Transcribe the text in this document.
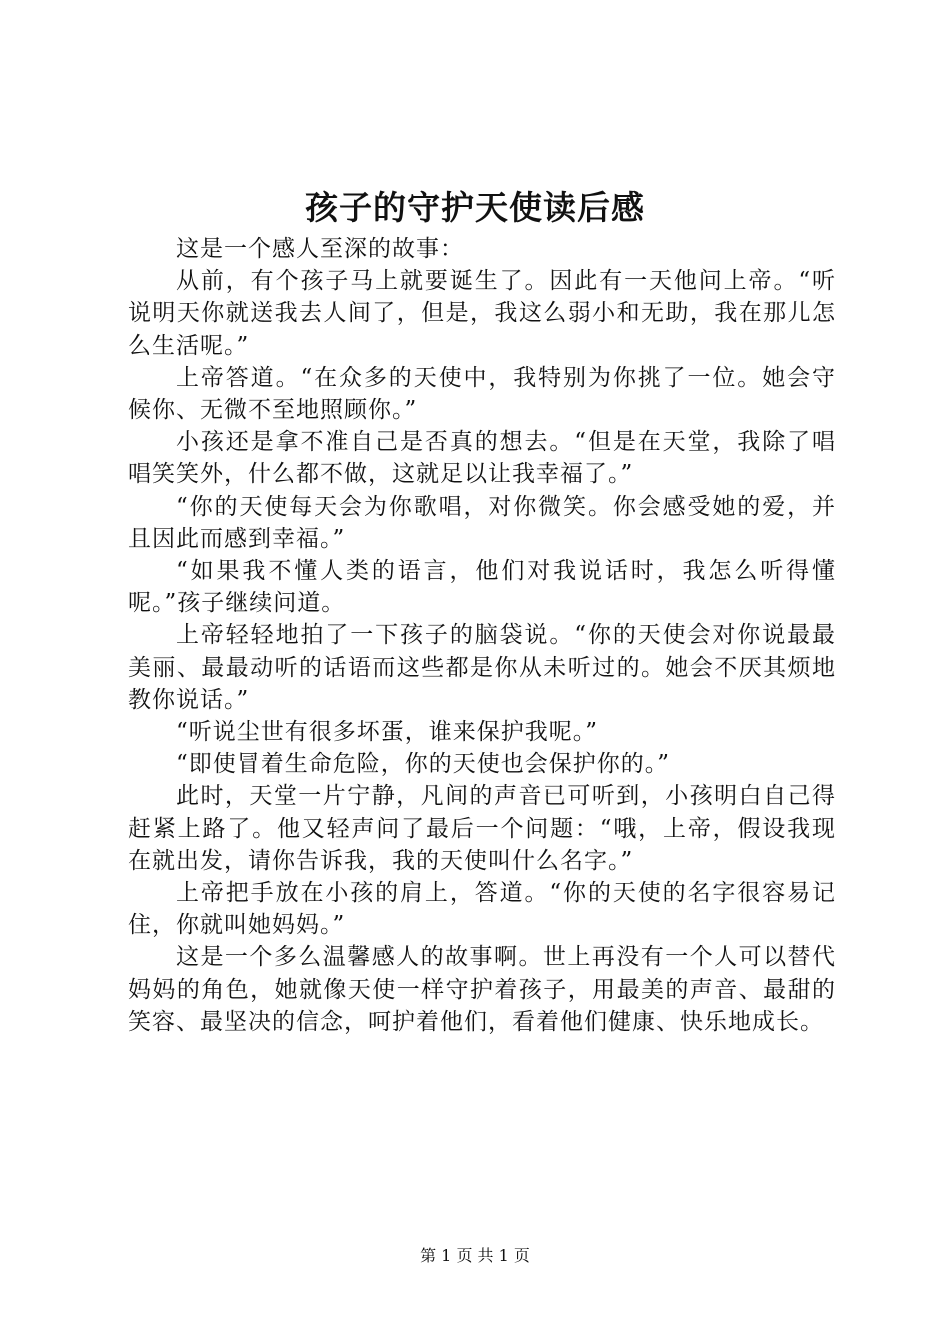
孩子的守护天使读后感

这是一个感人至深的故事：

从前，有个孩子马上就要诞生了。因此有一天他问上帝。“听说明天你就送我去人间了，但是，我这么弱小和无助，我在那儿怎么生活呢。”

上帝答道。“在众多的天使中，我特别为你挑了一位。她会守候你、无微不至地照顾你。”

小孩还是拿不准自己是否真的想去。“但是在天堂，我除了唱唱笑笑外，什么都不做，这就足以让我幸福了。”

“你的天使每天会为你歌唱，对你微笑。你会感受她的爱，并且因此而感到幸福。”

“如果我不懂人类的语言，他们对我说话时，我怎么听得懂呢。”孩子继续问道。

上帝轻轻地拍了一下孩子的脑袋说。“你的天使会对你说最最美丽、最最动听的话语而这些都是你从未听过的。她会不厌其烦地教你说话。”

“听说尘世有很多坏蛋，谁来保护我呢。”

“即使冒着生命危险，你的天使也会保护你的。”

此时，天堂一片宁静，凡间的声音已可听到，小孩明白自己得赶紧上路了。他又轻声问了最后一个问题：“哦，上帝，假设我现在就出发，请你告诉我，我的天使叫什么名字。”

上帝把手放在小孩的肩上，答道。“你的天使的名字很容易记住，你就叫她妈妈。”

这是一个多么温馨感人的故事啊。世上再没有一个人可以替代妈妈的角色，她就像天使一样守护着孩子，用最美的声音、最甜的笑容、最坚决的信念，呵护着他们，看着他们健康、快乐地成长。

第 1 页 共 1 页
